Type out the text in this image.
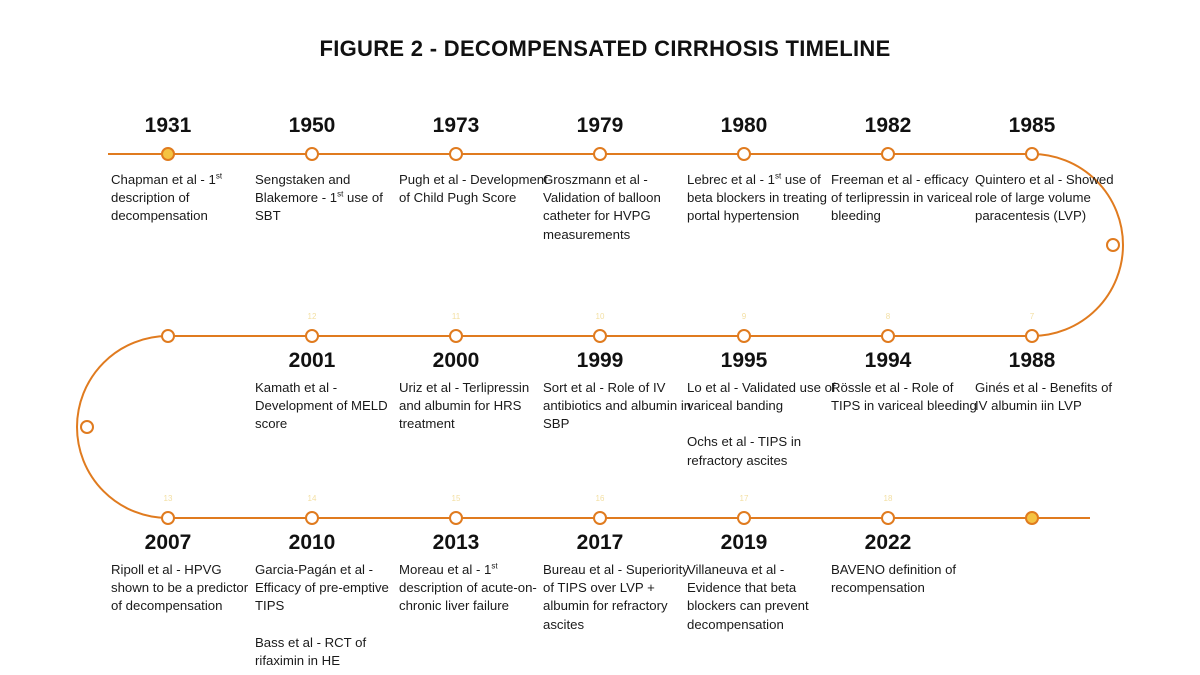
FIGURE 2 - DECOMPENSATED CIRRHOSIS TIMELINE
1931
Chapman et al - 1st description of decompensation
1950
Sengstaken and Blakemore - 1st use of SBT
1973
Pugh et al - Development of Child Pugh Score
1979
Groszmann et al - Validation of balloon catheter for HVPG measurements
1980
Lebrec et al - 1st use of beta blockers in treating portal hypertension
1982
Freeman et al - efficacy of terlipressin in variceal bleeding
1985
Quintero et al - Showed role of large volume paracentesis (LVP)
1988
7
Ginés et al - Benefits of IV albumin iin LVP
1994
8
Rössle et al - Role of TIPS in variceal bleeding
1995
9
Lo et al - Validated use of variceal banding
Ochs et al - TIPS in refractory ascites
1999
10
Sort et al - Role of IV antibiotics and albumin in SBP
2000
11
Uriz et al - Terlipressin and albumin for HRS treatment
2001
12
Kamath et al - Development of MELD score
2007
13
Ripoll et al - HPVG shown to be a predictor of decompensation
2010
14
Garcia-Pagán et al - Efficacy of pre-emptive TIPS
Bass et al - RCT of rifaximin in HE
2013
15
Moreau et al - 1st description of acute-on-chronic liver failure
2017
16
Bureau et al - Superiority of TIPS over LVP + albumin for refractory ascites
2019
17
Villaneuva et al - Evidence that beta blockers can prevent decompensation
2022
18
BAVENO definition of recompensation
